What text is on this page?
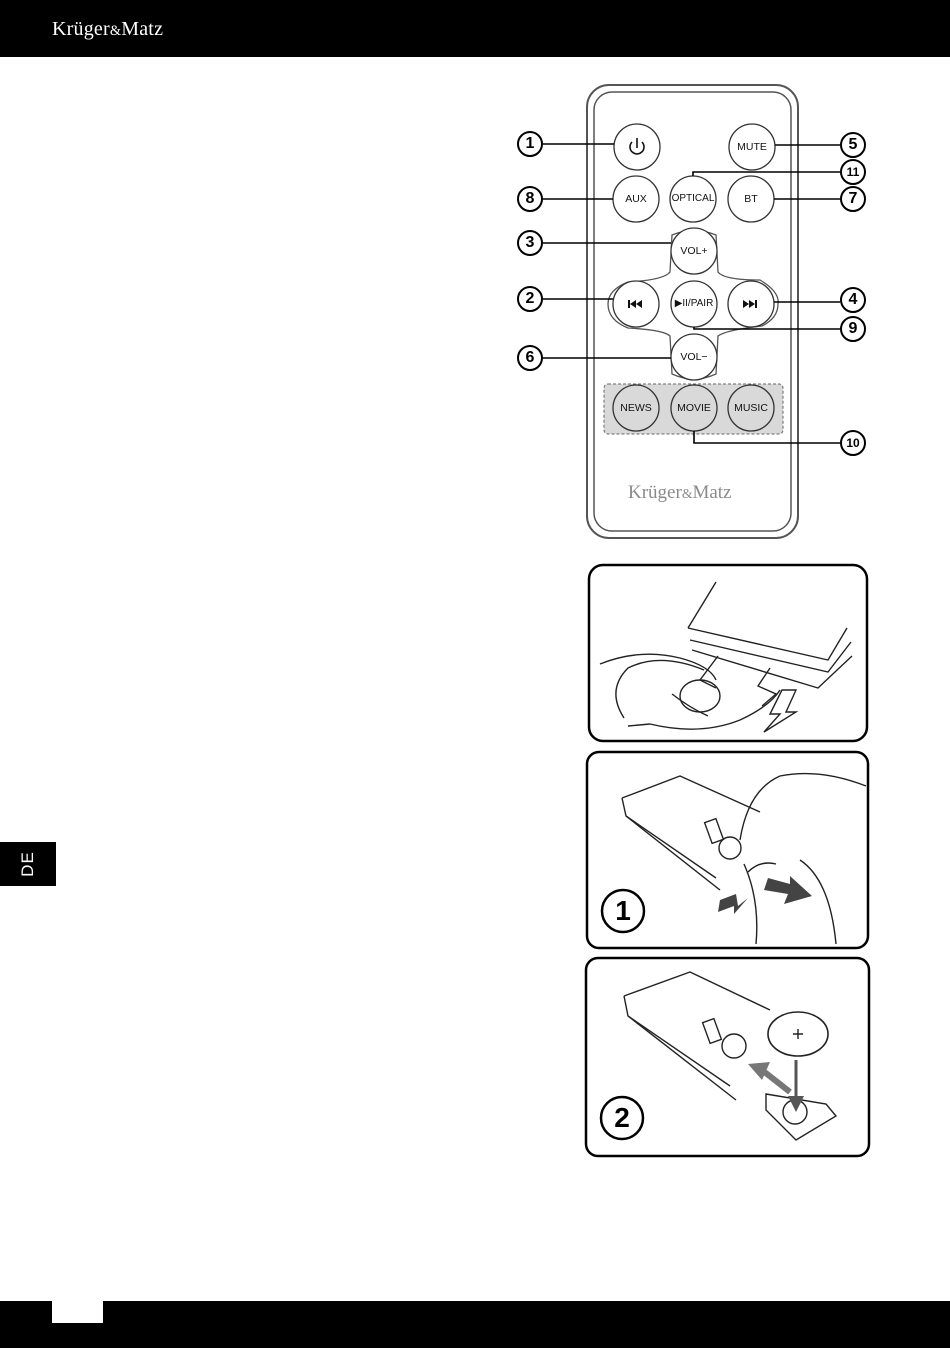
Krüger&Matz
DE
MUTE
AUX OPTICAL	BT
VOL+
▶II/PAIR
VOL−
NEWS MOVIE MUSIC
Krüger&Matz
1	5
11
8	7
3
2	4
9
6
10
1
2
